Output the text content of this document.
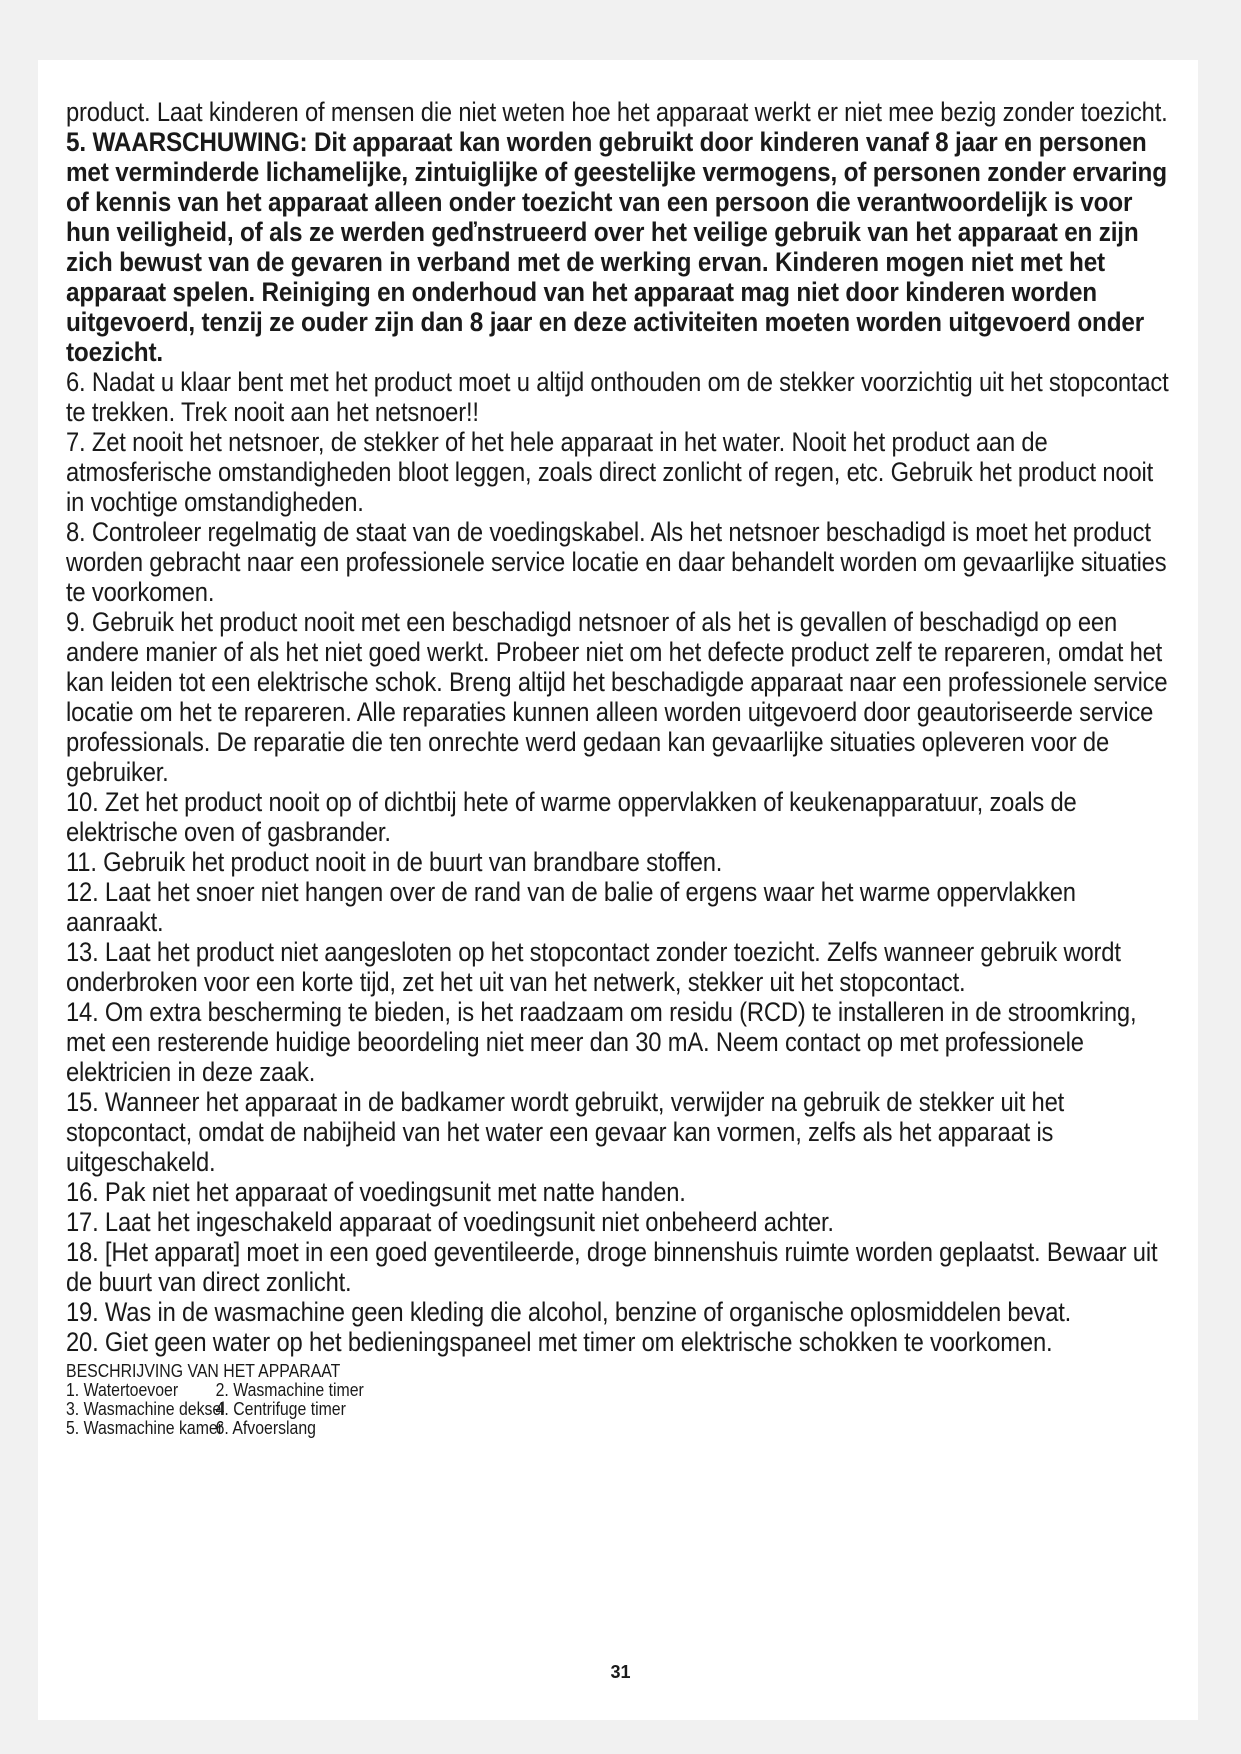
product. Laat kinderen of mensen die niet weten hoe het apparaat werkt er niet mee bezig zonder toezicht.

5. WAARSCHUWING: Dit apparaat kan worden gebruikt door kinderen vanaf 8 jaar en personen met verminderde lichamelijke, zintuiglijke of geestelijke vermogens, of personen zonder ervaring of kennis van het apparaat alleen onder toezicht van een persoon die verantwoordelijk is voor hun veiligheid, of als ze werden geďnstrueerd over het veilige gebruik van het apparaat en zijn zich bewust van de gevaren in verband met de werking ervan. Kinderen mogen niet met het apparaat spelen. Reiniging en onderhoud van het apparaat mag niet door kinderen worden uitgevoerd, tenzij ze ouder zijn dan 8 jaar en deze activiteiten moeten worden uitgevoerd onder toezicht.

6. Nadat u klaar bent met het product moet u altijd onthouden om de stekker voorzichtig uit het stopcontact te trekken. Trek nooit aan het netsnoer!!

7. Zet nooit het netsnoer, de stekker of het hele apparaat in het water. Nooit het product aan de atmosferische omstandigheden bloot leggen, zoals direct zonlicht of regen, etc. Gebruik het product nooit in vochtige omstandigheden.

8. Controleer regelmatig de staat van de voedingskabel. Als het netsnoer beschadigd is moet het product worden gebracht naar een professionele service locatie en daar behandelt worden om gevaarlijke situaties te voorkomen.

9. Gebruik het product nooit met een beschadigd netsnoer of als het is gevallen of beschadigd op een andere manier of als het niet goed werkt. Probeer niet om het defecte product zelf te repareren, omdat het kan leiden tot een elektrische schok. Breng altijd het beschadigde apparaat naar een professionele service locatie om het te repareren. Alle reparaties kunnen alleen worden uitgevoerd door geautoriseerde service professionals. De reparatie die ten onrechte werd gedaan kan gevaarlijke situaties opleveren voor de gebruiker.

10. Zet het product nooit op of dichtbij hete of warme oppervlakken of keukenapparatuur, zoals de elektrische oven of gasbrander.

11. Gebruik het product nooit in de buurt van brandbare stoffen.

12. Laat het snoer niet hangen over de rand van de balie of ergens waar het warme oppervlakken aanraakt.

13. Laat het product niet aangesloten op het stopcontact zonder toezicht. Zelfs wanneer gebruik wordt onderbroken voor een korte tijd, zet het uit van het netwerk, stekker uit het stopcontact.

14. Om extra bescherming te bieden, is het raadzaam om residu (RCD) te installeren in de stroomkring, met een resterende huidige beoordeling niet meer dan 30 mA. Neem contact op met professionele elektricien in deze zaak.

15. Wanneer het apparaat in de badkamer wordt gebruikt, verwijder na gebruik de stekker uit het stopcontact, omdat de nabijheid van het water een gevaar kan vormen, zelfs als het apparaat is uitgeschakeld.

16. Pak niet het apparaat of voedingsunit met natte handen.

17. Laat het ingeschakeld apparaat of voedingsunit niet onbeheerd achter.

18. [Het apparat] moet in een goed geventileerde, droge binnenshuis ruimte worden geplaatst. Bewaar uit de buurt van direct zonlicht.

19. Was in de wasmachine geen kleding die alcohol, benzine of organische oplosmiddelen bevat.

20. Giet geen water op het bedieningspaneel met timer om elektrische schokken te voorkomen.

BESCHRIJVING VAN HET APPARAAT
1. Watertoevoer 2. Wasmachine timer
3. Wasmachine deksel4. Centrifuge timer
5. Wasmachine kamer6. Afvoerslang
31
